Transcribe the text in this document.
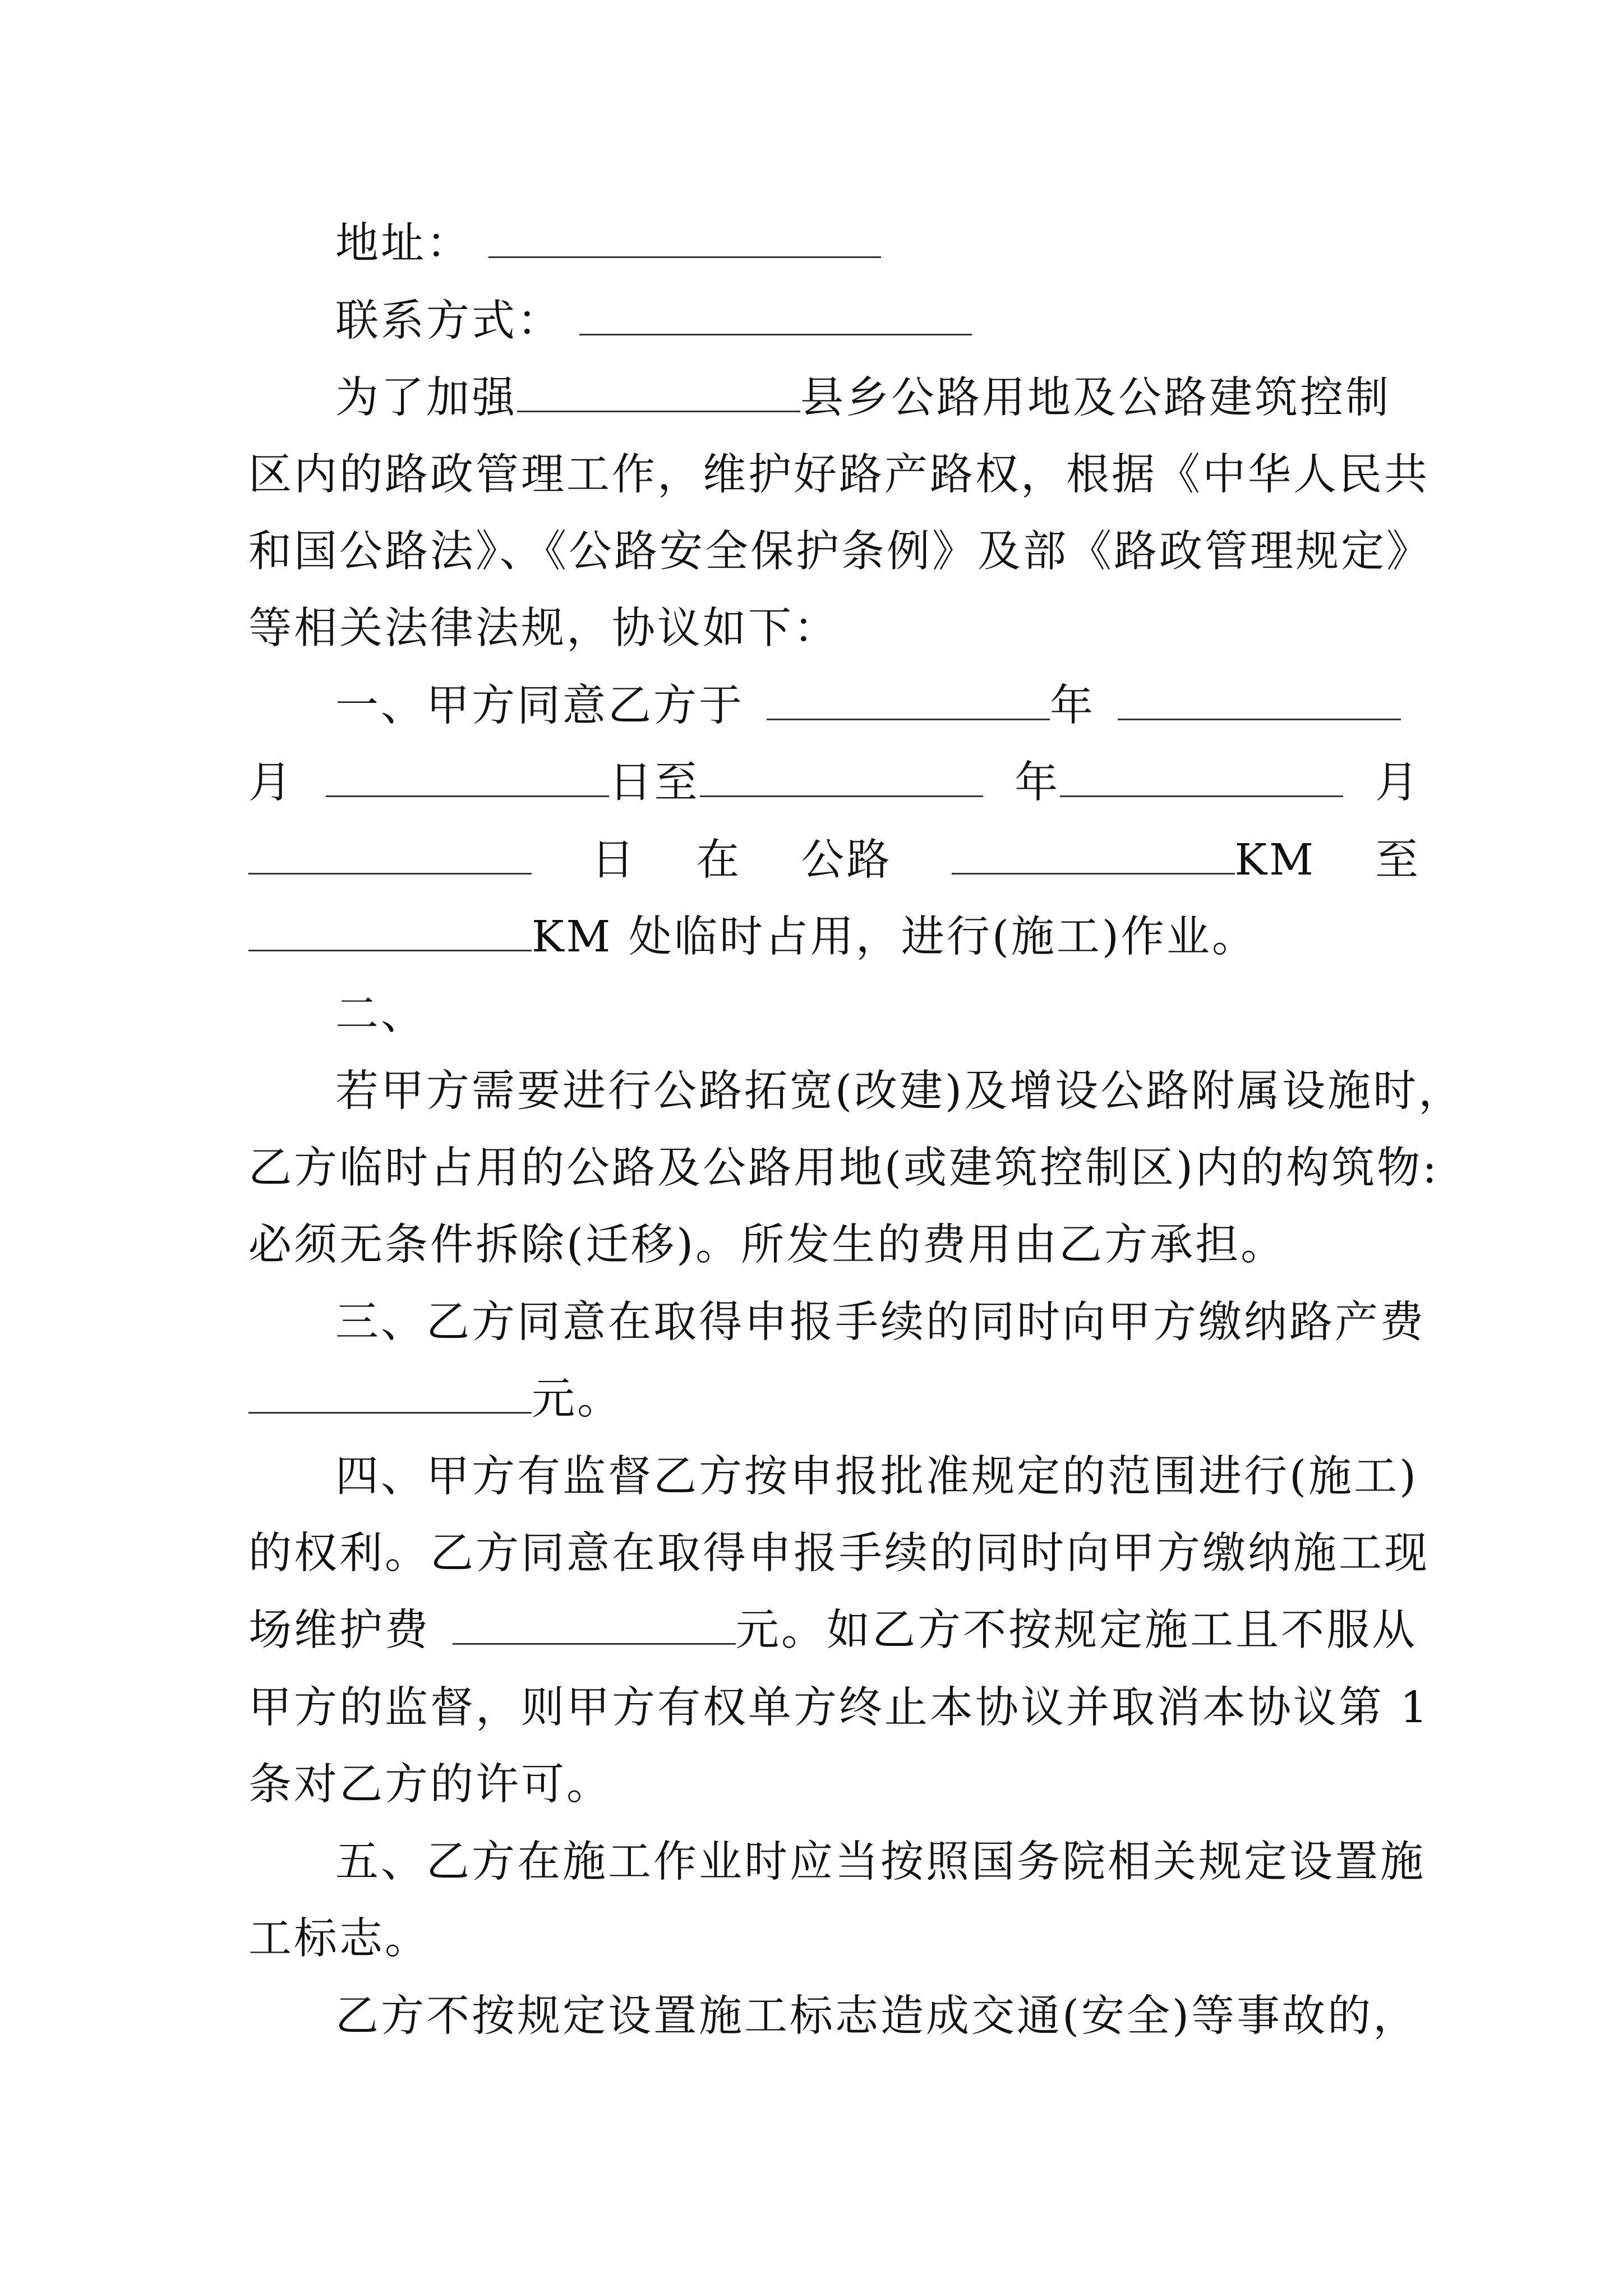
地址：
联系方式：
为了加强	县乡公路用地及公路建筑控制
区内的路政管理工作，维护好路产路权，根据《中华人民共
和国公路法》、《公路安全保护条例》及部《路政管理规定》
等相关法律法规，协议如下：
一、甲方同意乙方于	年
月	日至	年	月
日 在 公路	KM 至
KM 处临时占用，进行(施工)作业。
二、
若甲方需要进行公路拓宽(改建)及增设公路附属设施时，
乙方临时占用的公路及公路用地(或建筑控制区)内的构筑物:
必须无条件拆除(迁移)。所发生的费用由乙方承担。
三、乙方同意在取得申报手续的同时向甲方缴纳路产费
元。
四、甲方有监督乙方按申报批准规定的范围进行(施工)
的权利。乙方同意在取得申报手续的同时向甲方缴纳施工现
场维护费	元。如乙方不按规定施工且不服从
甲方的监督，则甲方有权单方终止本协议并取消本协议第 1
条对乙方的许可。
五、乙方在施工作业时应当按照国务院相关规定设置施
工标志。
乙方不按规定设置施工标志造成交通(安全)等事故的，
